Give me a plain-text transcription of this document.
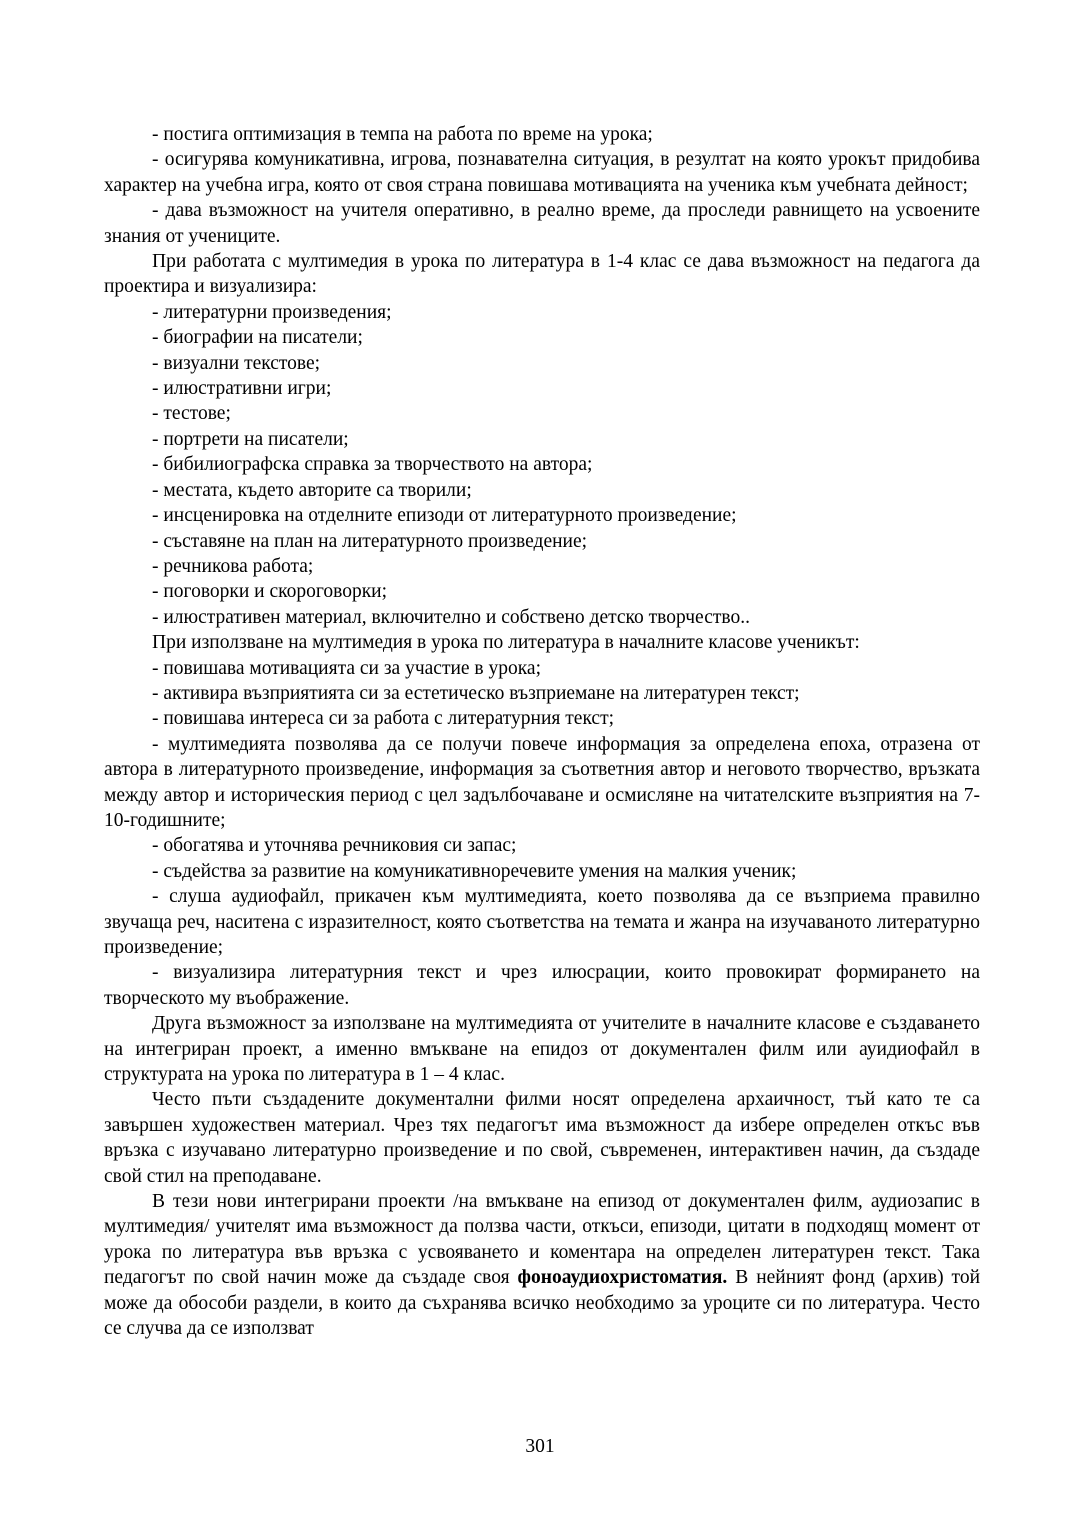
- постига оптимизация в темпа на работа по време на урока;

- осигурява комуникативна, игрова, познавателна ситуация, в резултат на която урокът придобива характер на учебна игра, която от своя страна повишава мотивацията на ученика към учебната дейност;

- дава възможност на учителя оперативно, в реално време, да проследи равнището на усвоените знания от учениците.

При работата с мултимедия в урока по литература в 1-4 клас се дава възможност на педагога да проектира и визуализира:

- литературни произведения;

- биографии на писатели;

- визуални текстове;

- илюстративни игри;

- тестове;

- портрети на писатели;

- бибилиографска справка за творчеството на автора;

- местата, където авторите са творили;

- инсценировка на отделните епизоди от литературното произведение;

- съставяне на план на литературното произведение;

- речникова работа;

- поговорки и скороговорки;

- илюстративен материал, включително и собствено детско творчество..

При използване на мултимедия в урока по литература в началните класове ученикът:

- повишава мотивацията си за участие в урока;

- активира възприятията си за естетическо възприемане на литературен текст;

- повишава интереса си за работа с литературния текст;

- мултимедията позволява да се получи повече информация за определена епоха, отразена от автора в литературното произведение, информация за съответния автор и неговото творчество, връзката между автор и историческия период с цел задълбочаване и осмисляне на читателските възприятия на 7-10-годишните;

- обогатява и уточнява речниковия си запас;

- съдейства за развитие на комуникативноречевите умения на малкия ученик;

- слуша аудиофайл, прикачен към мултимедията, което позволява да се възприема правилно звучаща реч, наситена с изразителност, която съответства на темата и жанра на изучаваното литературно произведение;

- визуализира литературния текст и чрез илюсрации, които провокират формирането на творческото му въображение.

Друга възможност за използване на мултимедията от учителите в началните класове е създаването на интегриран проект, а именно вмъкване на епидоз от документален филм или ауидиофайл в структурата на урока по литература в 1 – 4 клас.

Често пъти създадените документални филми носят определена архаичност, тъй като те са завършен художествен материал. Чрез тях педагогът има възможност да избере определен откъс във връзка с изучавано литературно произведение и по свой, съвременен, интерактивен начин, да създаде свой стил на преподаване.

В тези нови интегрирани проекти /на вмъкване на епизод от документален филм, аудиозапис в мултимедия/ учителят има възможност да ползва части, откъси, епизоди, цитати в подходящ момент от урока по литература във връзка с усвояването и коментара на определен литературен текст. Така педагогът по свой начин може да създаде своя фоноаудиохристоматия. В нейният фонд (архив) той може да обособи раздели, в които да съхранява всичко необходимо за уроците си по литература. Често се случва да се използват

301
